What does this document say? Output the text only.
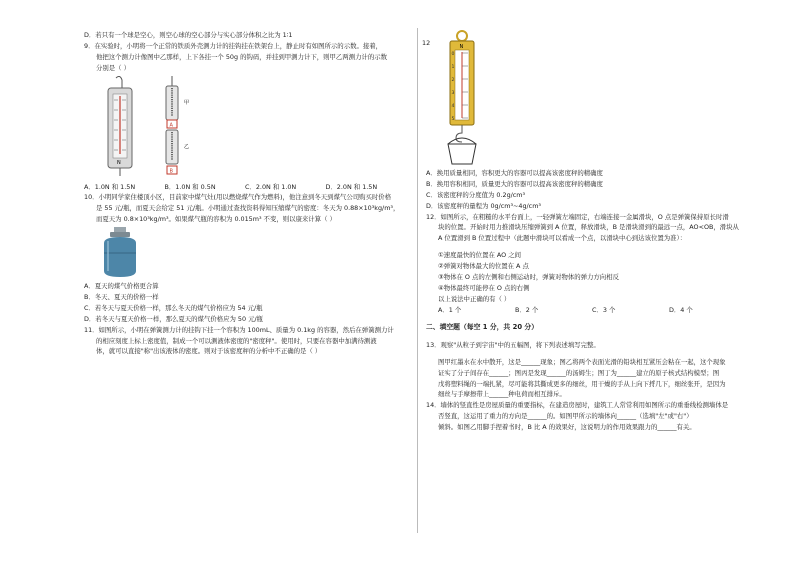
D．若只有一个球是空心，则空心球的空心部分与实心部分体积之比为 1∶1

9．在实验时，小明将一个正常的铁质外壳测力计的挂钩挂在铁架台上，静止时有如图所示的示数。接着，

他把这个测力计像图中乙那样，上下各挂一个 50g 的钩码，并挂到甲测力计下，则甲乙两测力计的示数

分别是（ ）

N
A
B
甲
乙
A．1.0N 和 1.5N	B．1.0N 和 0.5N	C．2.0N 和 1.0N	D．2.0N 和 1.5N

10．小明同学家住楼顶小区，目前家中煤气灶(用以燃烧煤气作为燃料)，他注意到冬天到煤气公司购买时价格

是 55 元/瓶，而夏天会给定 51 元/瓶。小明通过查找资料得知压缩煤气的密度：冬天为 0.88×10³kg/m³，

而夏天为 0.8×10³kg/m³。如果煤气瓶的容积为 0.015m³ 不变，则以康来计算（ ）

A．夏天的煤气价格更合算

B．冬天、夏天的价格一样

C．若冬天与夏天价格一样，那么冬天的煤气价格应为 54 元/瓶

D．若冬天与夏天价格一样，那么夏天的煤气价格应为 50 元/瓶

11．如图所示，小明在弹簧测力计的挂钩下挂一个容积为 100mL、质量为 0.1kg 的容器，然后在弹簧测力计

的相应刻度上标上密度值，制成一个可以测液体密度的"密度秤"。使用时，只要在容器中加满待测液

体，就可以直接"称"出该液体的密度。则对于该密度秤的分析中不正确的是（ ）

12	N
0
1
2
3
4
5

A．换用质量相同，容积更大的容器可以提高该密度秤的精确度

B．换用容积相同，质量更大的容器可以提高该密度秤的精确度

C．该密度秤的分度值为 0.2g/cm³

D．该密度秤的量程为 0g/cm³~4g/cm³

12．如图所示，在粗糙的水平台面上，一轻弹簧左端固定，右端连接一金属滑块，O 点是弹簧保持原长时滑

块的位置。开始时用力推滑块压缩弹簧到 A 位置，释放滑块，B 是滑块滑到的最远一点，AO<OB，滑块从

A 位置滑到 B 位置过程中（此题中滑块可以看成一个点，以滑块中心到达该位置为准）：

①速度最快的位置在 AO 之间

②弹簧对物体最大的位置在 A 点

③物体在 O 点的左侧和右侧运动时，弹簧对物体的弹力方向相反

④物体最终可能停在 O 点的右侧

以上说法中正确的有（ ）

A．1 个	B．2 个	C．3 个	D．4 个

二、填空题（每空 1 分，共 20 分）

13．观察"从粒子到宇宙"中的五幅图，将下列表述填写完整。

图甲红墨水在水中散开，这是______现象；图乙将两个表面光滑的铅块相互紧压会粘在一起，这个现象

证实了分子间存在______；图丙是发现______的汤姆生；图丁为______建立的原子核式结构模型；图

戊将塑料绳的一端扎紧，尽可能将其撕成更多的细丝，用干燥的手从上向下捋几下，细丝张开，是因为

细丝与手摩擦带上______种电荷而相互排斥。

14．墙体的竖直性是房屋质量的重要指标，在建造房屋时，建筑工人常常利用如图所示的重垂线检测墙体是

否竖直，这运用了重力的方向是______的。如图甲所示的墙体向______（选填"左"或"右"）

倾斜。如图乙用脚手捏着书时，B 比 A 的效果好，这说明力的作用效果跟力的______有关。
